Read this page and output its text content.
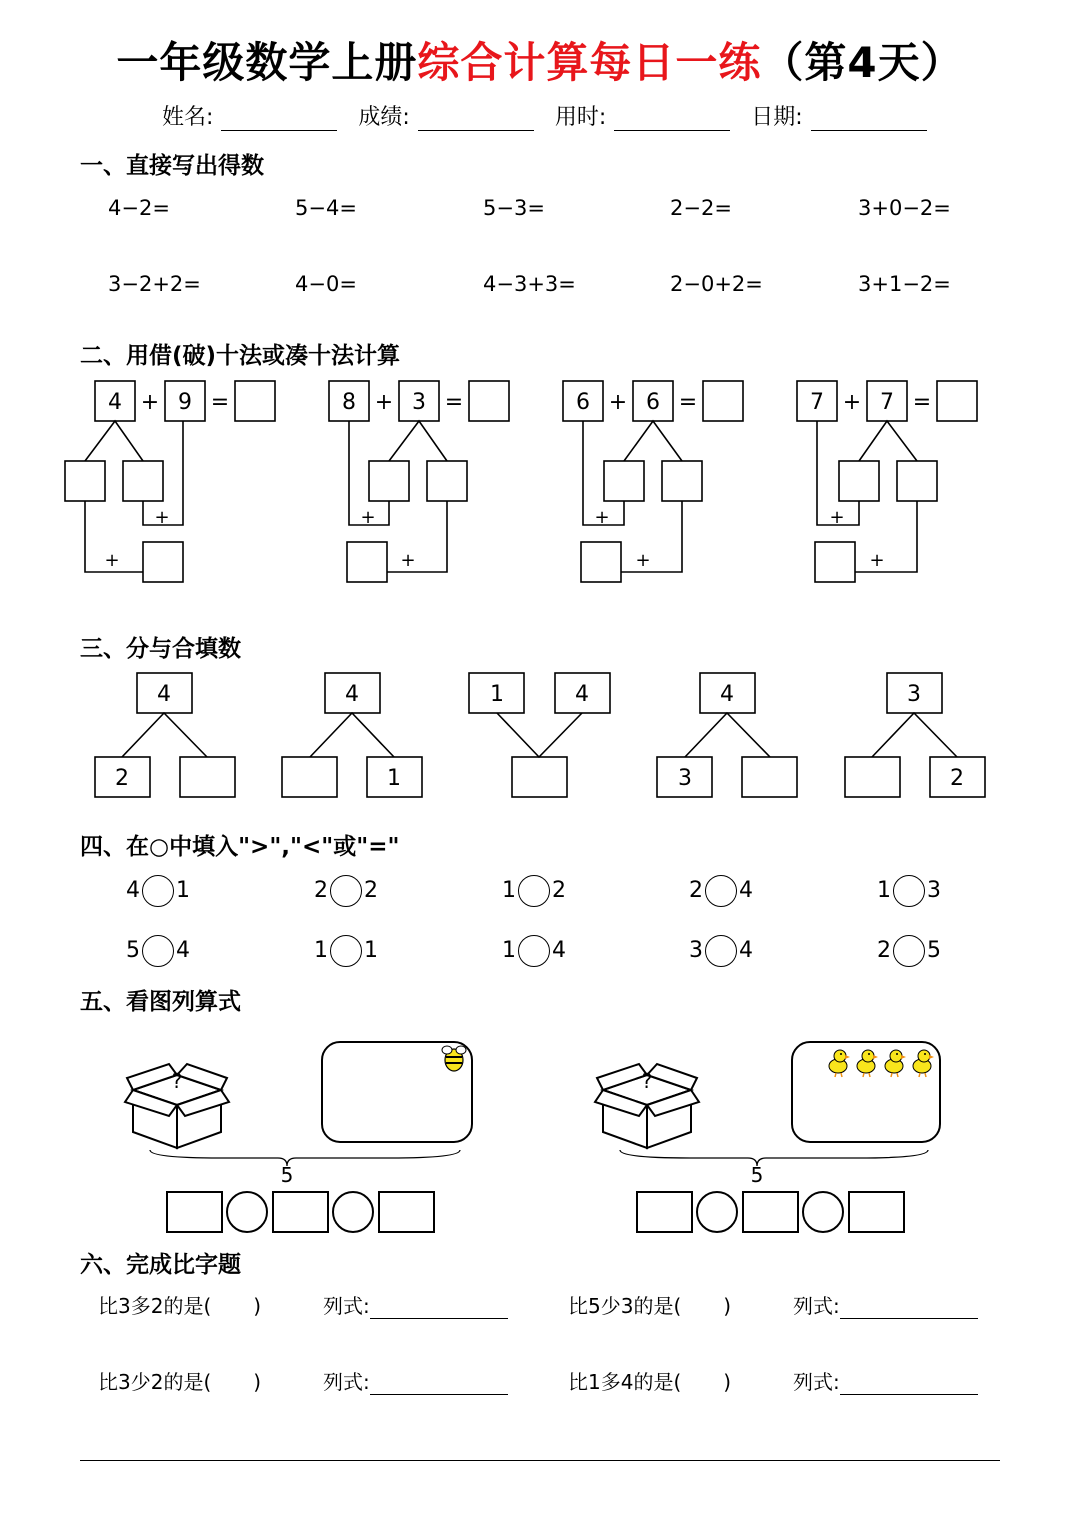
一年级数学上册综合计算每日一练（第4天）
姓名:	成绩:	用时:	日期:
一、直接写出得数
4−2=	5−4=	5−3=	2−2=	3+0−2=
3−2+2=	4−0=	4−3+3=	2−0+2=	3+1−2=
二、用借(破)十法或凑十法计算
4 + 9 =
+
+
8 + 3 =
+
+
6 + 6 =
+
+
7 + 7 =
+
+
三、分与合填数
4
2
4
1
1	4	4
3
3
2
四、在○中填入">","<"或"="
4 1	2 2	1 2	2 4	1 3
5 4	1 1	1 4	3 4	2 5
五、看图列算式
?
5
?
5
六、完成比字题
比3多2的是( )	列式:	比5少3的是( )	列式:
比3少2的是( )	列式:	比1多4的是( )	列式:
